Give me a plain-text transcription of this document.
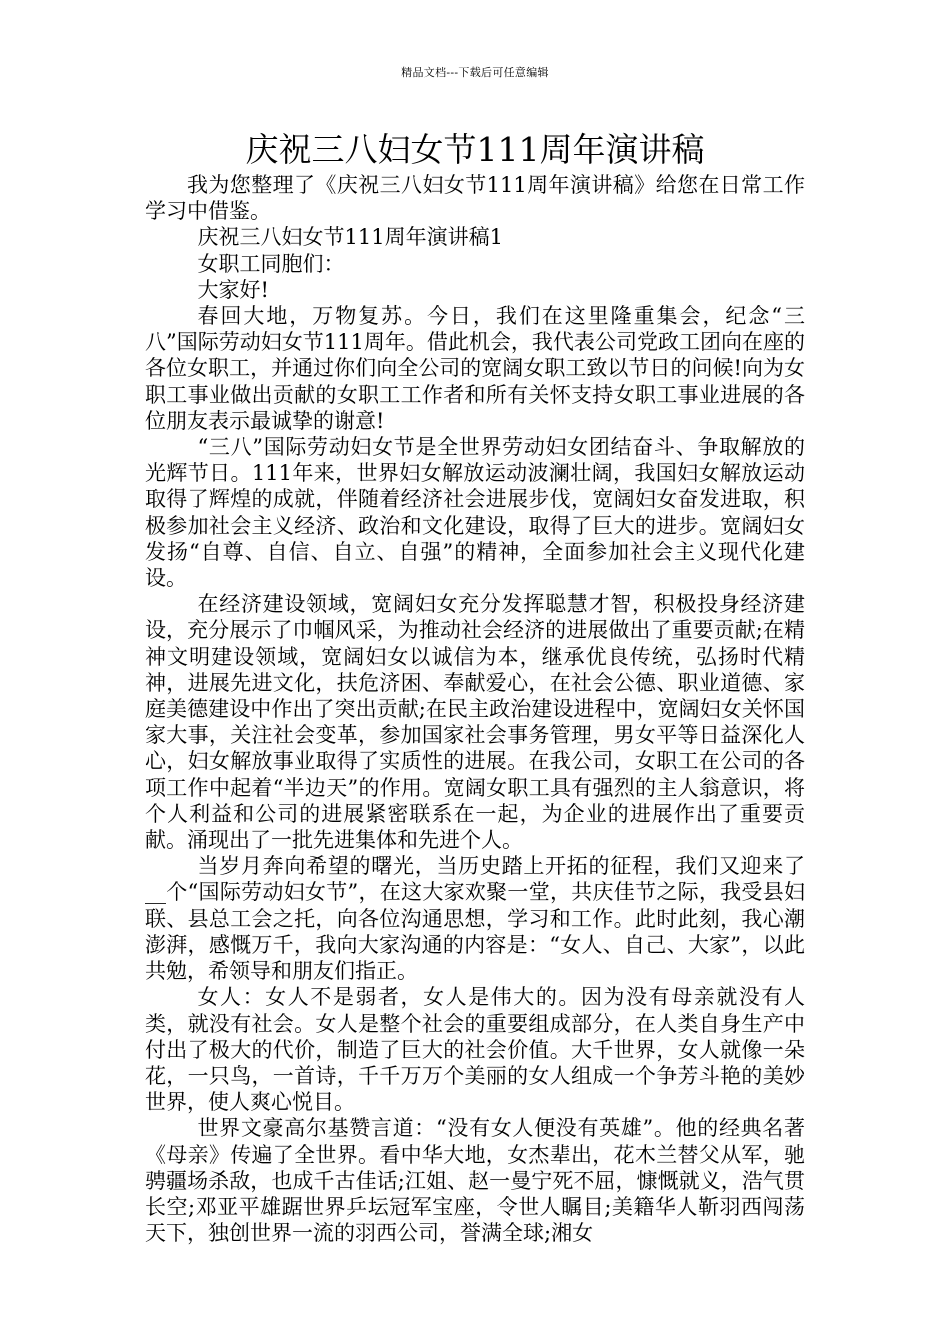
精品文档---下载后可任意编辑
庆祝三八妇女节111周年演讲稿

我为您整理了《庆祝三八妇女节111周年演讲稿》给您在日常工作学习中借鉴。

庆祝三八妇女节111周年演讲稿1

女职工同胞们：

大家好!

春回大地，万物复苏。今日，我们在这里隆重集会，纪念“三八”国际劳动妇女节111周年。借此机会，我代表公司党政工团向在座的各位女职工，并通过你们向全公司的宽阔女职工致以节日的问候!向为女职工事业做出贡献的女职工工作者和所有关怀支持女职工事业进展的各位朋友表示最诚挚的谢意!

“三八”国际劳动妇女节是全世界劳动妇女团结奋斗、争取解放的光辉节日。111年来，世界妇女解放运动波澜壮阔，我国妇女解放运动取得了辉煌的成就，伴随着经济社会进展步伐，宽阔妇女奋发进取，积极参加社会主义经济、政治和文化建设，取得了巨大的进步。宽阔妇女发扬“自尊、自信、自立、自强”的精神，全面参加社会主义现代化建设。

在经济建设领域，宽阔妇女充分发挥聪慧才智，积极投身经济建设，充分展示了巾帼风采，为推动社会经济的进展做出了重要贡献;在精神文明建设领域，宽阔妇女以诚信为本，继承优良传统，弘扬时代精神，进展先进文化，扶危济困、奉献爱心，在社会公德、职业道德、家庭美德建设中作出了突出贡献;在民主政治建设进程中，宽阔妇女关怀国家大事，关注社会变革，参加国家社会事务管理，男女平等日益深化人心，妇女解放事业取得了实质性的进展。在我公司，女职工在公司的各项工作中起着“半边天”的作用。宽阔女职工具有强烈的主人翁意识，将个人利益和公司的进展紧密联系在一起，为企业的进展作出了重要贡献。涌现出了一批先进集体和先进个人。

当岁月奔向希望的曙光，当历史踏上开拓的征程，我们又迎来了__个“国际劳动妇女节”，在这大家欢聚一堂，共庆佳节之际，我受县妇联、县总工会之托，向各位沟通思想，学习和工作。此时此刻，我心潮澎湃，感慨万千，我向大家沟通的内容是：“女人、自己、大家”，以此共勉，希领导和朋友们指正。

女人：女人不是弱者，女人是伟大的。因为没有母亲就没有人类，就没有社会。女人是整个社会的重要组成部分，在人类自身生产中付出了极大的代价，制造了巨大的社会价值。大千世界，女人就像一朵花，一只鸟，一首诗，千千万万个美丽的女人组成一个争芳斗艳的美妙世界，使人爽心悦目。

世界文豪高尔基赞言道：“没有女人便没有英雄”。他的经典名著《母亲》传遍了全世界。看中华大地，女杰辈出，花木兰替父从军，驰骋疆场杀敌，也成千古佳话;江姐、赵一曼宁死不屈，慷慨就义，浩气贯长空;邓亚平雄踞世界乒坛冠军宝座，令世人瞩目;美籍华人靳羽西闯荡天下，独创世界一流的羽西公司，誉满全球;湘女
